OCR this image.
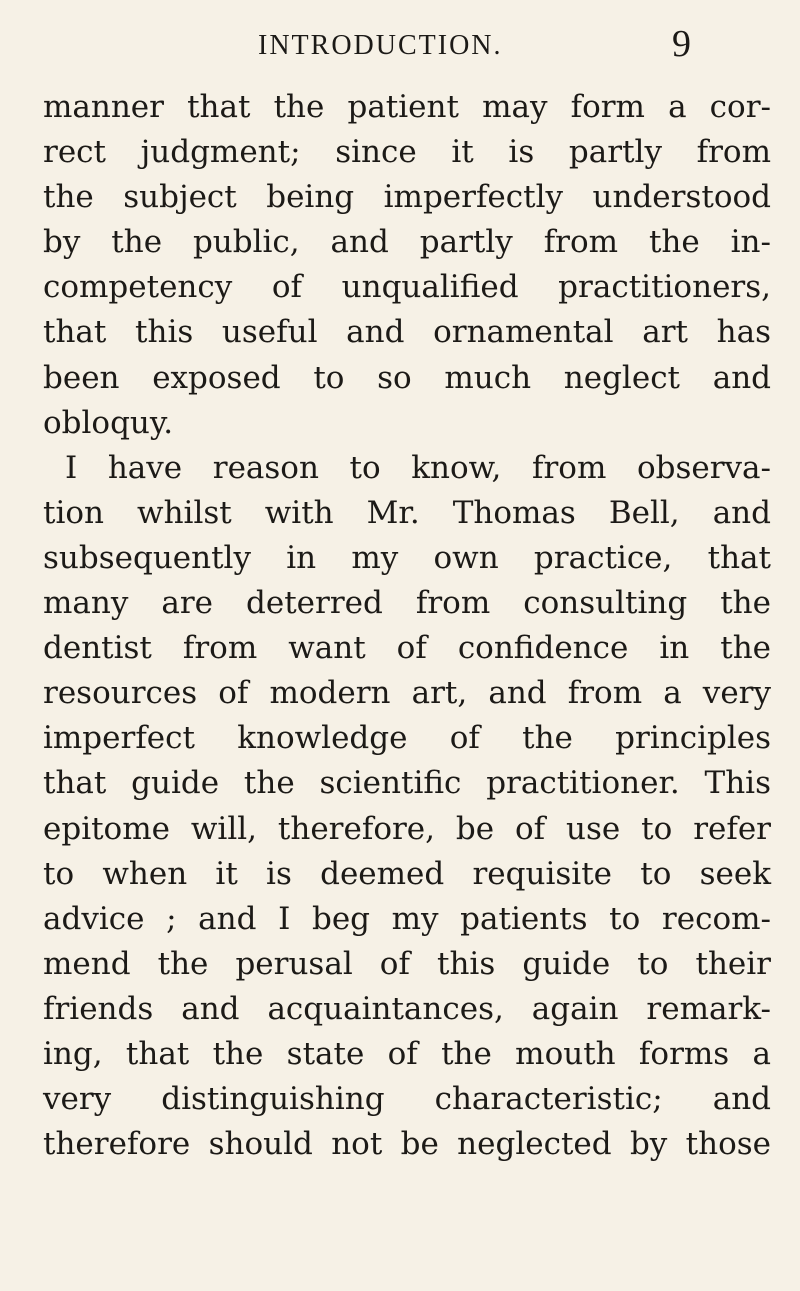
INTRODUCTION.	9
manner that the patient may form a cor-
rect judgment; since it is partly from
the subject being imperfectly understood
by the public, and partly from the in-
competency of unqualified practitioners,
that this useful and ornamental art has
been exposed to so much neglect and
obloquy.
I have reason to know, from observa-
tion whilst with Mr. Thomas Bell, and
subsequently in my own practice, that
many are deterred from consulting the
dentist from want of confidence in the
resources of modern art, and from a very
imperfect knowledge of the principles
that guide the scientific practitioner. This
epitome will, therefore, be of use to refer
to when it is deemed requisite to seek
advice ; and I beg my patients to recom-
mend the perusal of this guide to their
friends and acquaintances, again remark-
ing, that the state of the mouth forms a
very distinguishing characteristic; and
therefore should not be neglected by those
